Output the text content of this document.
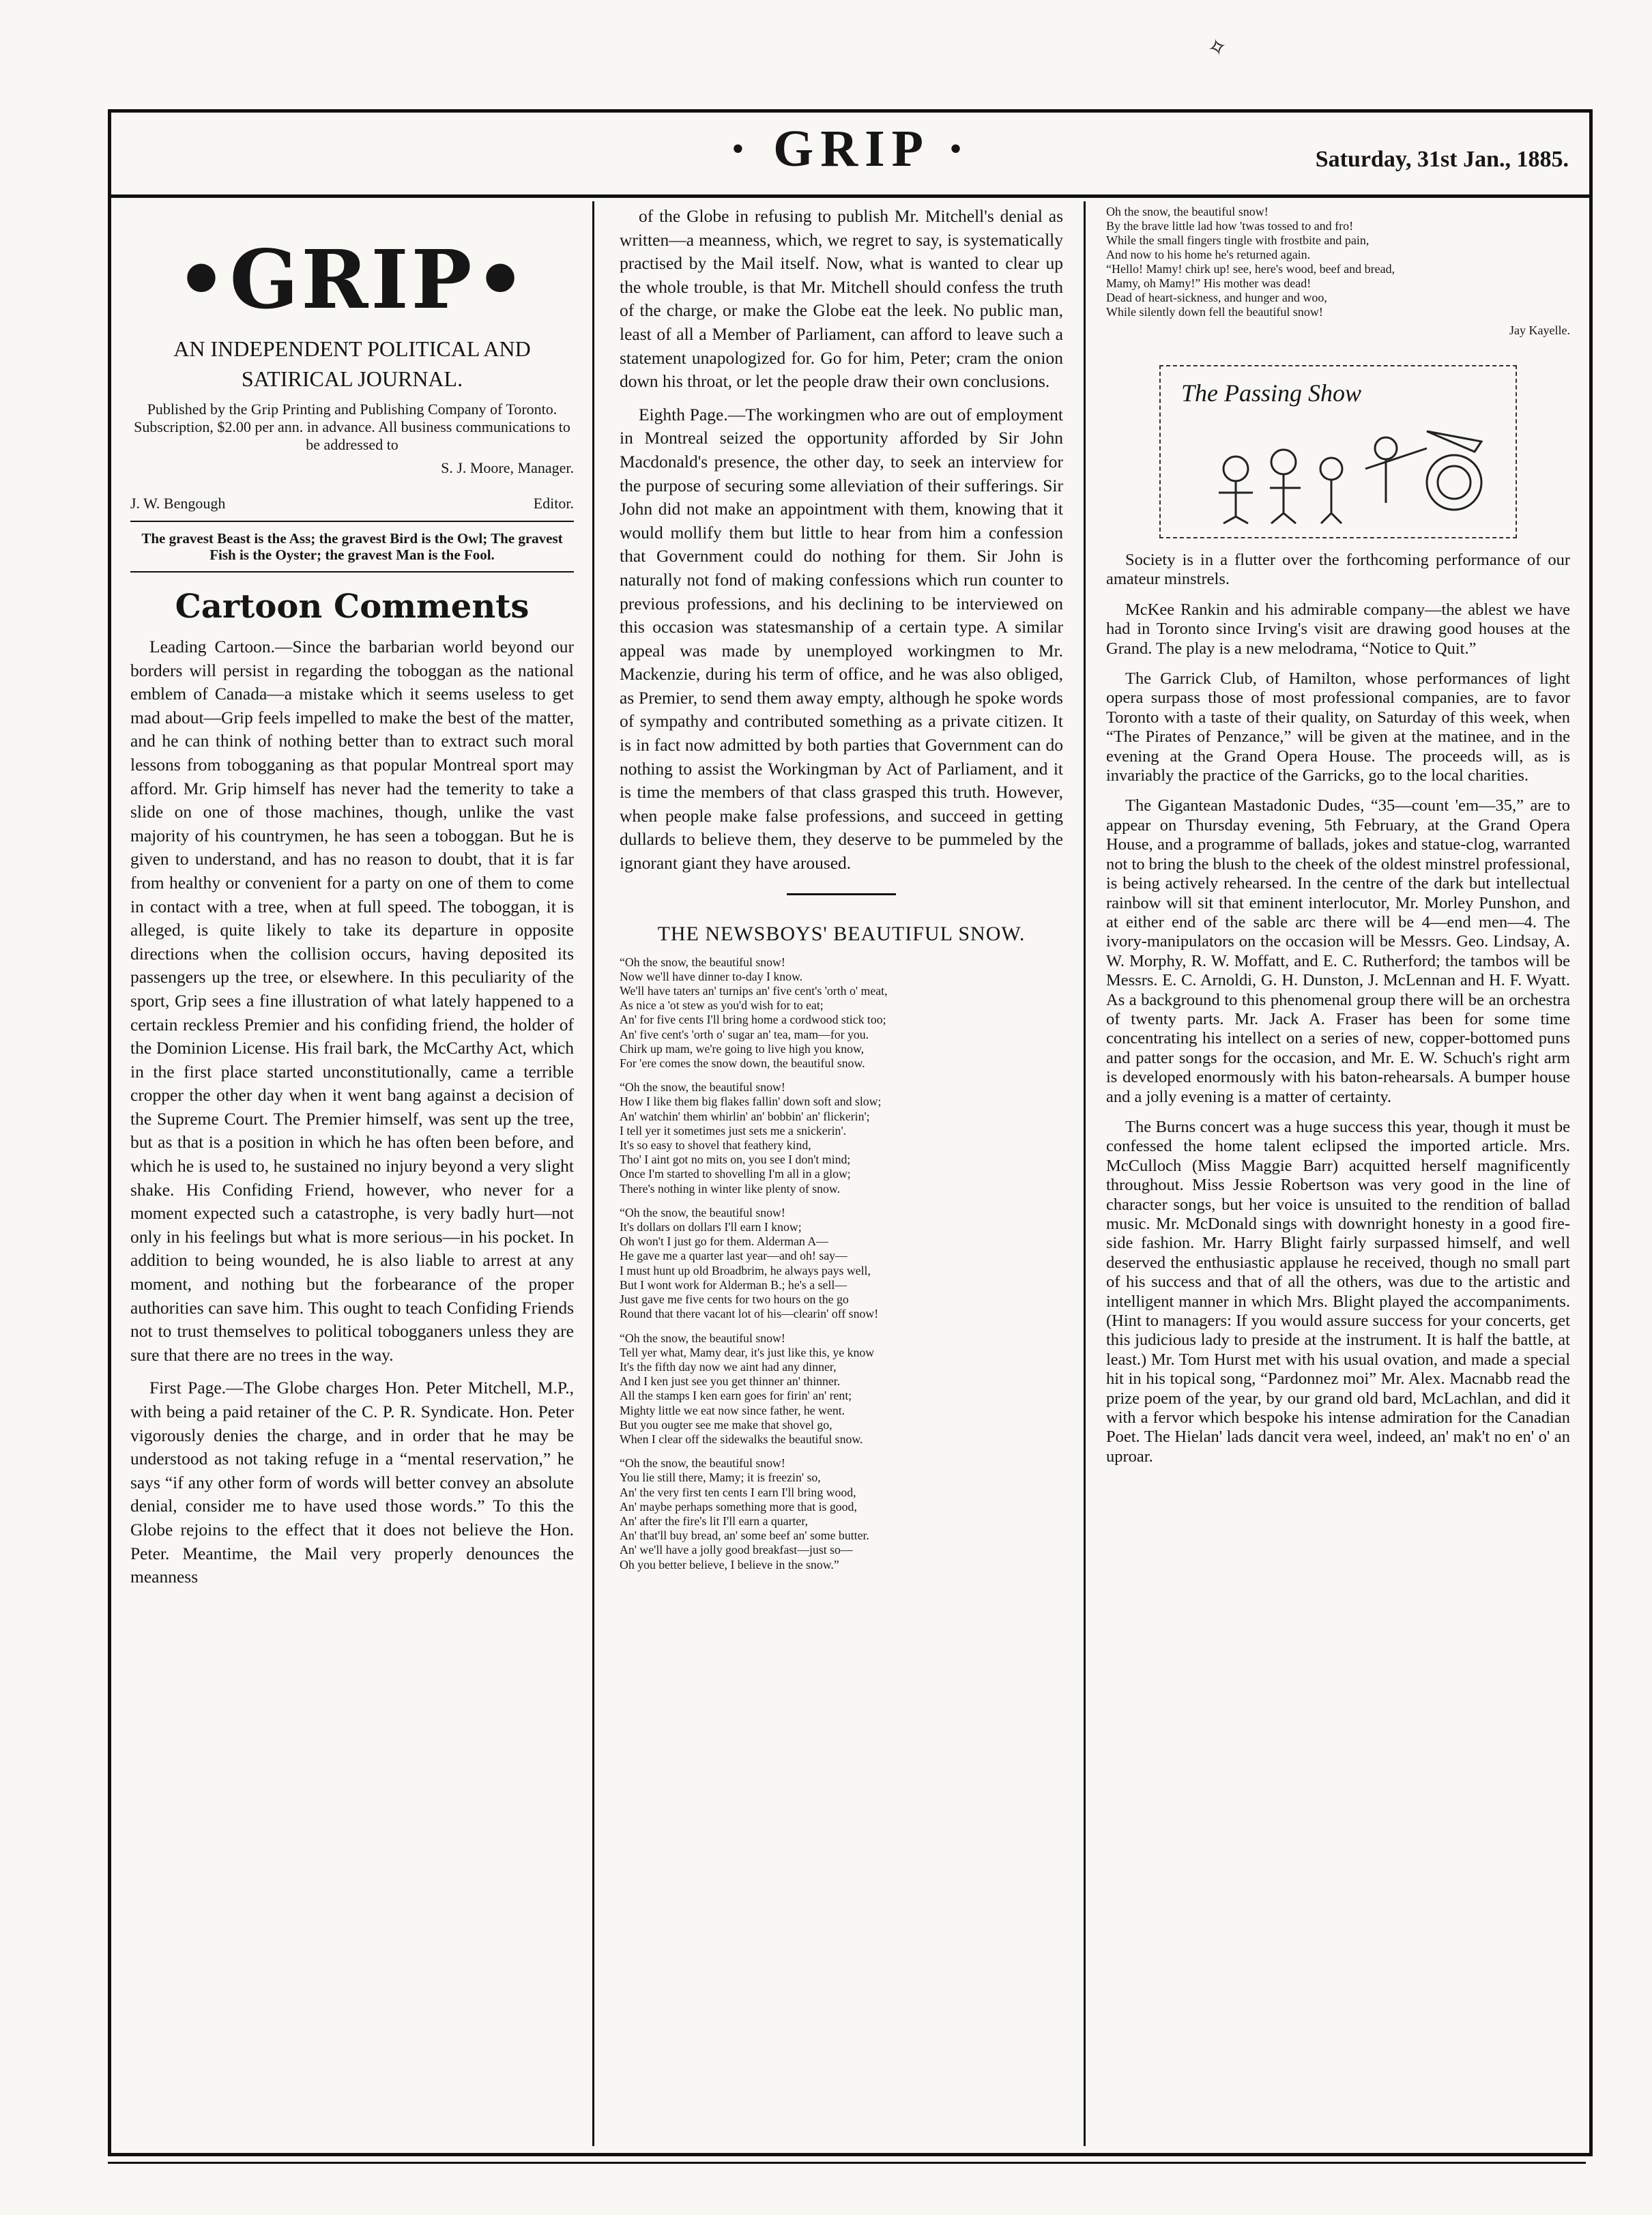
✧
· GRIP ·	Saturday, 31st Jan., 1885.
•GRIP•
AN INDEPENDENT POLITICAL AND
SATIRICAL JOURNAL.
Published by the Grip Printing and Publishing Company of Toronto. Subscription, $2.00 per ann. in advance. All business communications to be addressed to
S. J. Moore, Manager.
J. W. Bengough	Editor.
The gravest Beast is the Ass; the gravest Bird is the Owl; The gravest Fish is the Oyster; the gravest Man is the Fool.
Cartoon Comments

Leading Cartoon.—Since the barbarian world beyond our borders will persist in regarding the toboggan as the national emblem of Canada—a mistake which it seems useless to get mad about—Grip feels impelled to make the best of the matter, and he can think of nothing better than to extract such moral lessons from tobogganing as that popular Montreal sport may afford. Mr. Grip himself has never had the temerity to take a slide on one of those machines, though, unlike the vast majority of his countrymen, he has seen a toboggan. But he is given to understand, and has no reason to doubt, that it is far from healthy or convenient for a party on one of them to come in contact with a tree, when at full speed. The toboggan, it is alleged, is quite likely to take its departure in opposite directions when the collision occurs, having deposited its passengers up the tree, or elsewhere. In this peculiarity of the sport, Grip sees a fine illustration of what lately happened to a certain reckless Premier and his confiding friend, the holder of the Dominion License. His frail bark, the McCarthy Act, which in the first place started unconstitutionally, came a terrible cropper the other day when it went bang against a decision of the Supreme Court. The Premier himself, was sent up the tree, but as that is a position in which he has often been before, and which he is used to, he sustained no injury beyond a very slight shake. His Confiding Friend, however, who never for a moment expected such a catastrophe, is very badly hurt—not only in his feelings but what is more serious—in his pocket. In addition to being wounded, he is also liable to arrest at any moment, and nothing but the forbearance of the proper authorities can save him. This ought to teach Confiding Friends not to trust themselves to political tobogganers unless they are sure that there are no trees in the way.

First Page.—The Globe charges Hon. Peter Mitchell, M.P., with being a paid retainer of the C. P. R. Syndicate. Hon. Peter vigorously denies the charge, and in order that he may be understood as not taking refuge in a “mental reservation,” he says “if any other form of words will better convey an absolute denial, consider me to have used those words.” To this the Globe rejoins to the effect that it does not believe the Hon. Peter. Meantime, the Mail very properly denounces the meanness

of the Globe in refusing to publish Mr. Mitchell's denial as written—a meanness, which, we regret to say, is systematically practised by the Mail itself. Now, what is wanted to clear up the whole trouble, is that Mr. Mitchell should confess the truth of the charge, or make the Globe eat the leek. No public man, least of all a Member of Parliament, can afford to leave such a statement unapologized for. Go for him, Peter; cram the onion down his throat, or let the people draw their own conclusions.

Eighth Page.—The workingmen who are out of employment in Montreal seized the opportunity afforded by Sir John Macdonald's presence, the other day, to seek an interview for the purpose of securing some alleviation of their sufferings. Sir John did not make an appointment with them, knowing that it would mollify them but little to hear from him a confession that Government could do nothing for them. Sir John is naturally not fond of making confessions which run counter to previous professions, and his declining to be interviewed on this occasion was statesmanship of a certain type. A similar appeal was made by unemployed workingmen to Mr. Mackenzie, during his term of office, and he was also obliged, as Premier, to send them away empty, although he spoke words of sympathy and contributed something as a private citizen. It is in fact now admitted by both parties that Government can do nothing to assist the Workingman by Act of Parliament, and it is time the members of that class grasped this truth. However, when people make false professions, and succeed in getting dullards to believe them, they deserve to be pummeled by the ignorant giant they have aroused.

THE NEWSBOYS' BEAUTIFUL SNOW.
“Oh the snow, the beautiful snow!
Now we'll have dinner to-day I know.
We'll have taters an' turnips an' five cent's 'orth o' meat,
As nice a 'ot stew as you'd wish for to eat;
An' for five cents I'll bring home a cordwood stick too;
An' five cent's 'orth o' sugar an' tea, mam—for you.
Chirk up mam, we're going to live high you know,
For 'ere comes the snow down, the beautiful snow.
“Oh the snow, the beautiful snow!
How I like them big flakes fallin' down soft and slow;
An' watchin' them whirlin' an' bobbin' an' flickerin';
I tell yer it sometimes just sets me a snickerin'.
It's so easy to shovel that feathery kind,
Tho' I aint got no mits on, you see I don't mind;
Once I'm started to shovelling I'm all in a glow;
There's nothing in winter like plenty of snow.
“Oh the snow, the beautiful snow!
It's dollars on dollars I'll earn I know;
Oh won't I just go for them. Alderman A—
He gave me a quarter last year—and oh! say—
I must hunt up old Broadbrim, he always pays well,
But I wont work for Alderman B.; he's a sell—
Just gave me five cents for two hours on the go
Round that there vacant lot of his—clearin' off snow!
“Oh the snow, the beautiful snow!
Tell yer what, Mamy dear, it's just like this, ye know
It's the fifth day now we aint had any dinner,
And I ken just see you get thinner an' thinner.
All the stamps I ken earn goes for firin' an' rent;
Mighty little we eat now since father, he went.
But you ougter see me make that shovel go,
When I clear off the sidewalks the beautiful snow.
“Oh the snow, the beautiful snow!
You lie still there, Mamy; it is freezin' so,
An' the very first ten cents I earn I'll bring wood,
An' maybe perhaps something more that is good,
An' after the fire's lit I'll earn a quarter,
An' that'll buy bread, an' some beef an' some butter.
An' we'll have a jolly good breakfast—just so—
Oh you better believe, I believe in the snow.”
Oh the snow, the beautiful snow!
By the brave little lad how 'twas tossed to and fro!
While the small fingers tingle with frostbite and pain,
And now to his home he's returned again.
“Hello! Mamy! chirk up! see, here's wood, beef and bread,
Mamy, oh Mamy!” His mother was dead!
Dead of heart-sickness, and hunger and woo,
While silently down fell the beautiful snow!
Jay Kayelle.
The Passing Show
Society is in a flutter over the forthcoming performance of our amateur minstrels.
McKee Rankin and his admirable company—the ablest we have had in Toronto since Irving's visit are drawing good houses at the Grand. The play is a new melodrama, “Notice to Quit.”
The Garrick Club, of Hamilton, whose performances of light opera surpass those of most professional companies, are to favor Toronto with a taste of their quality, on Saturday of this week, when “The Pirates of Penzance,” will be given at the matinee, and in the evening at the Grand Opera House. The proceeds will, as is invariably the practice of the Garricks, go to the local charities.
The Gigantean Mastadonic Dudes, “35—count 'em—35,” are to appear on Thursday evening, 5th February, at the Grand Opera House, and a programme of ballads, jokes and statue-clog, warranted not to bring the blush to the cheek of the oldest minstrel professional, is being actively rehearsed. In the centre of the dark but intellectual rainbow will sit that eminent interlocutor, Mr. Morley Punshon, and at either end of the sable arc there will be 4—end men—4. The ivory-manipulators on the occasion will be Messrs. Geo. Lindsay, A. W. Morphy, R. W. Moffatt, and E. C. Rutherford; the tambos will be Messrs. E. C. Arnoldi, G. H. Dunston, J. McLennan and H. F. Wyatt. As a background to this phenomenal group there will be an orchestra of twenty parts. Mr. Jack A. Fraser has been for some time concentrating his intellect on a series of new, copper-bottomed puns and patter songs for the occasion, and Mr. E. W. Schuch's right arm is developed enormously with his baton-rehearsals. A bumper house and a jolly evening is a matter of certainty.
The Burns concert was a huge success this year, though it must be confessed the home talent eclipsed the imported article. Mrs. McCulloch (Miss Maggie Barr) acquitted herself magnificently throughout. Miss Jessie Robertson was very good in the line of character songs, but her voice is unsuited to the rendition of ballad music. Mr. McDonald sings with downright honesty in a good fire-side fashion. Mr. Harry Blight fairly surpassed himself, and well deserved the enthusiastic applause he received, though no small part of his success and that of all the others, was due to the artistic and intelligent manner in which Mrs. Blight played the accompaniments. (Hint to managers: If you would assure success for your concerts, get this judicious lady to preside at the instrument. It is half the battle, at least.) Mr. Tom Hurst met with his usual ovation, and made a special hit in his topical song, “Pardonnez moi” Mr. Alex. Macnabb read the prize poem of the year, by our grand old bard, McLachlan, and did it with a fervor which bespoke his intense admiration for the Canadian Poet. The Hielan' lads dancit vera weel, indeed, an' mak't no en' o' an uproar.
